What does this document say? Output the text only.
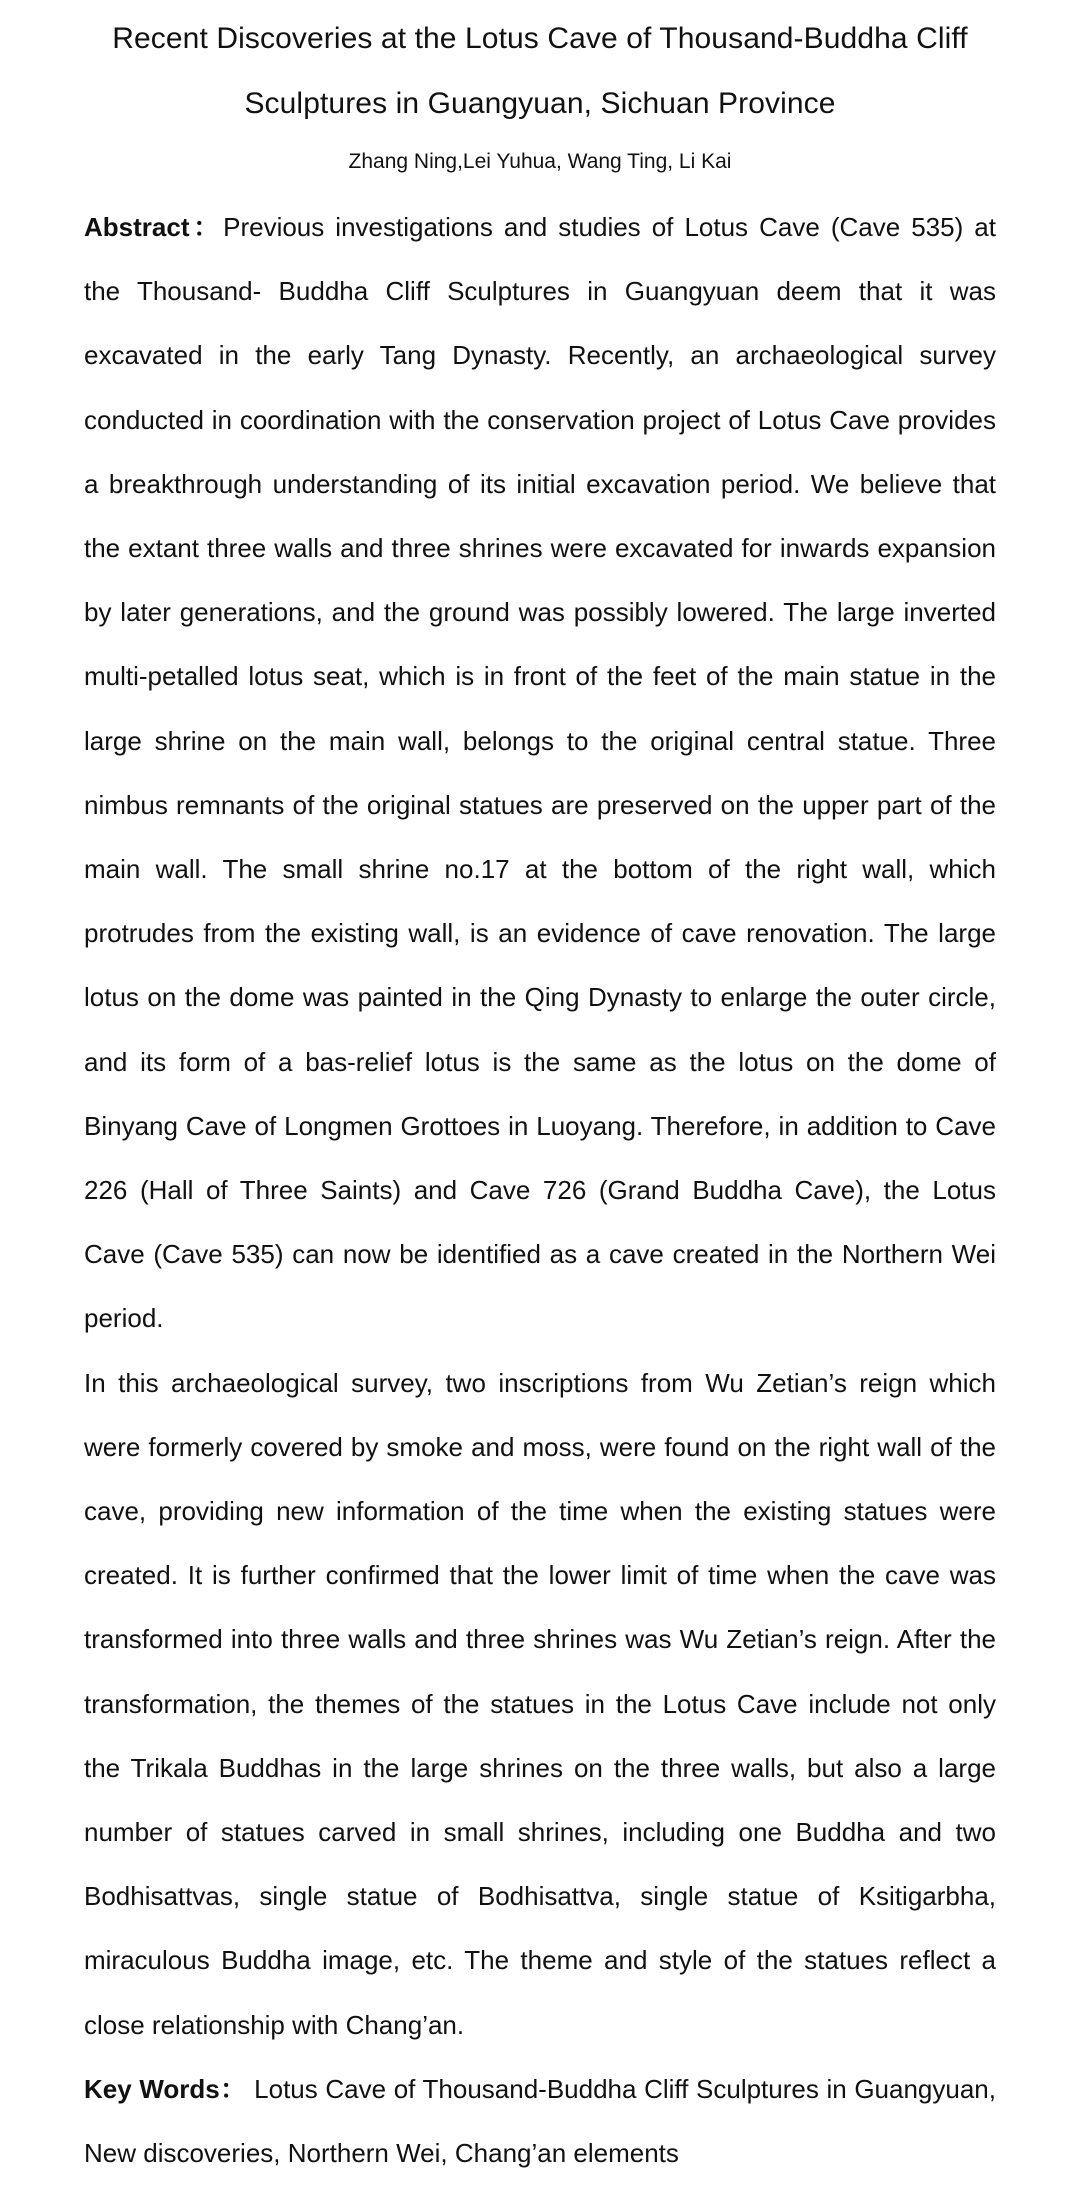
Recent Discoveries at the Lotus Cave of Thousand-Buddha Cliff
Sculptures in Guangyuan, Sichuan Province

Zhang Ning,Lei Yuhua, Wang Ting, Li Kai

Abstract：Previous investigations and studies of Lotus Cave (Cave 535) at the Thousand- Buddha Cliff Sculptures in Guangyuan deem that it was excavated in the early Tang Dynasty. Recently, an archaeological survey conducted in coordination with the conservation project of Lotus Cave provides a breakthrough understanding of its initial excavation period. We believe that the extant three walls and three shrines were excavated for inwards expansion by later generations, and the ground was possibly lowered. The large inverted multi-petalled lotus seat, which is in front of the feet of the main statue in the large shrine on the main wall, belongs to the original central statue. Three nimbus remnants of the original statues are preserved on the upper part of the main wall. The small shrine no.17 at the bottom of the right wall, which protrudes from the existing wall, is an evidence of cave renovation. The large lotus on the dome was painted in the Qing Dynasty to enlarge the outer circle, and its form of a bas-relief lotus is the same as the lotus on the dome of Binyang Cave of Longmen Grottoes in Luoyang. Therefore, in addition to Cave 226 (Hall of Three Saints) and Cave 726 (Grand Buddha Cave), the Lotus Cave (Cave 535) can now be identified as a cave created in the Northern Wei period.

In this archaeological survey, two inscriptions from Wu Zetian’s reign which were formerly covered by smoke and moss, were found on the right wall of the cave, providing new information of the time when the existing statues were created. It is further confirmed that the lower limit of time when the cave was transformed into three walls and three shrines was Wu Zetian’s reign. After the transformation, the themes of the statues in the Lotus Cave include not only the Trikala Buddhas in the large shrines on the three walls, but also a large number of statues carved in small shrines, including one Buddha and two Bodhisattvas, single statue of Bodhisattva, single statue of Ksitigarbha, miraculous Buddha image, etc. The theme and style of the statues reflect a close relationship with Chang’an.

Key Words： Lotus Cave of Thousand-Buddha Cliff Sculptures in Guangyuan, New discoveries, Northern Wei, Chang’an elements
